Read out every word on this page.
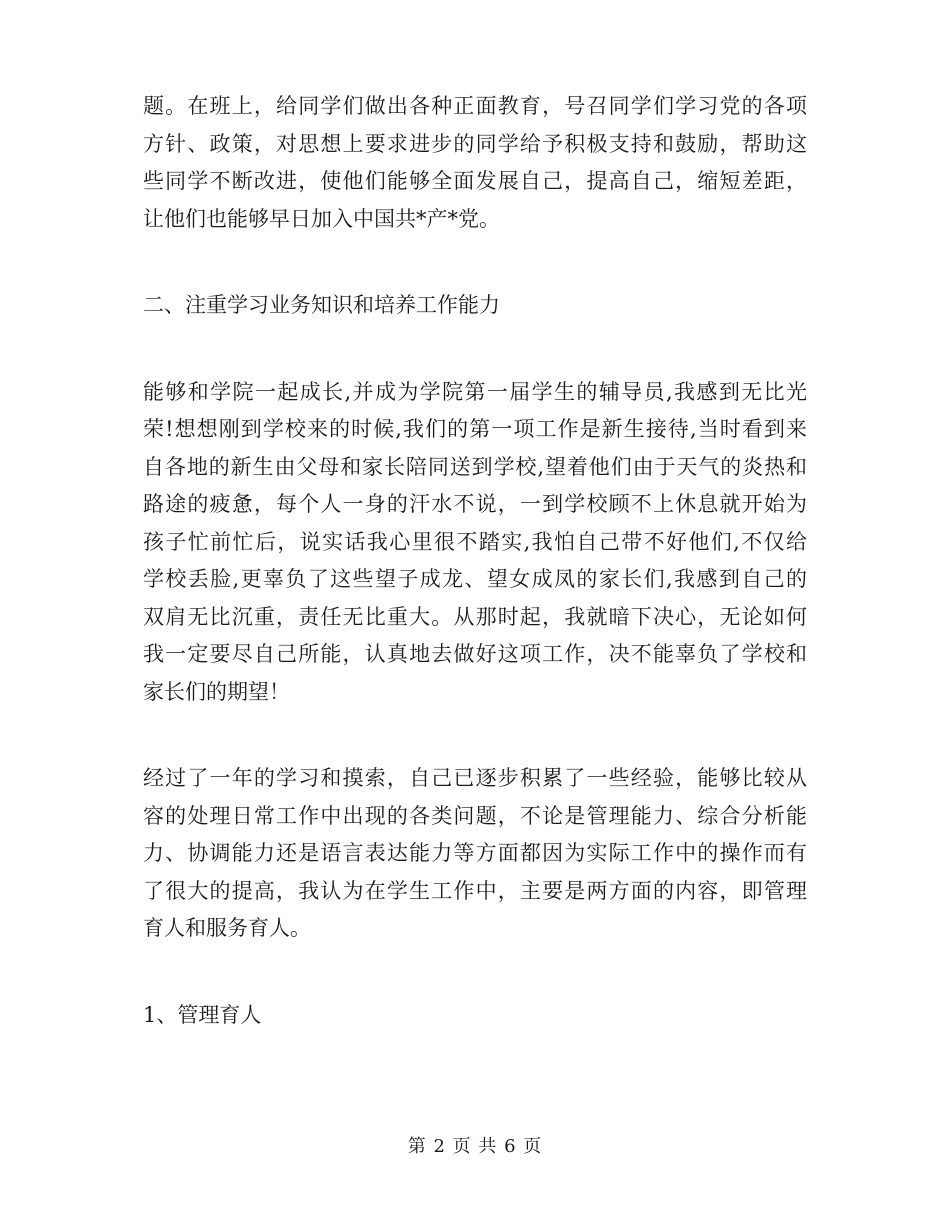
题。在班上，给同学们做出各种正面教育，号召同学们学习党的各项
方针、政策，对思想上要求进步的同学给予积极支持和鼓励，帮助这
些同学不断改进，使他们能够全面发展自己，提高自己，缩短差距，
让他们也能够早日加入中国共*产*党。
二、注重学习业务知识和培养工作能力
能够和学院一起成长,并成为学院第一届学生的辅导员,我感到无比光
荣!想想刚到学校来的时候,我们的第一项工作是新生接待,当时看到来
自各地的新生由父母和家长陪同送到学校,望着他们由于天气的炎热和
路途的疲惫，每个人一身的汗水不说，一到学校顾不上休息就开始为
孩子忙前忙后，说实话我心里很不踏实,我怕自己带不好他们,不仅给
学校丢脸,更辜负了这些望子成龙、望女成凤的家长们,我感到自己的
双肩无比沉重，责任无比重大。从那时起，我就暗下决心，无论如何
我一定要尽自己所能，认真地去做好这项工作，决不能辜负了学校和
家长们的期望！
经过了一年的学习和摸索，自己已逐步积累了一些经验，能够比较从
容的处理日常工作中出现的各类问题，不论是管理能力、综合分析能
力、协调能力还是语言表达能力等方面都因为实际工作中的操作而有
了很大的提高，我认为在学生工作中，主要是两方面的内容，即管理
育人和服务育人。
1、管理育人
第 2 页 共 6 页
